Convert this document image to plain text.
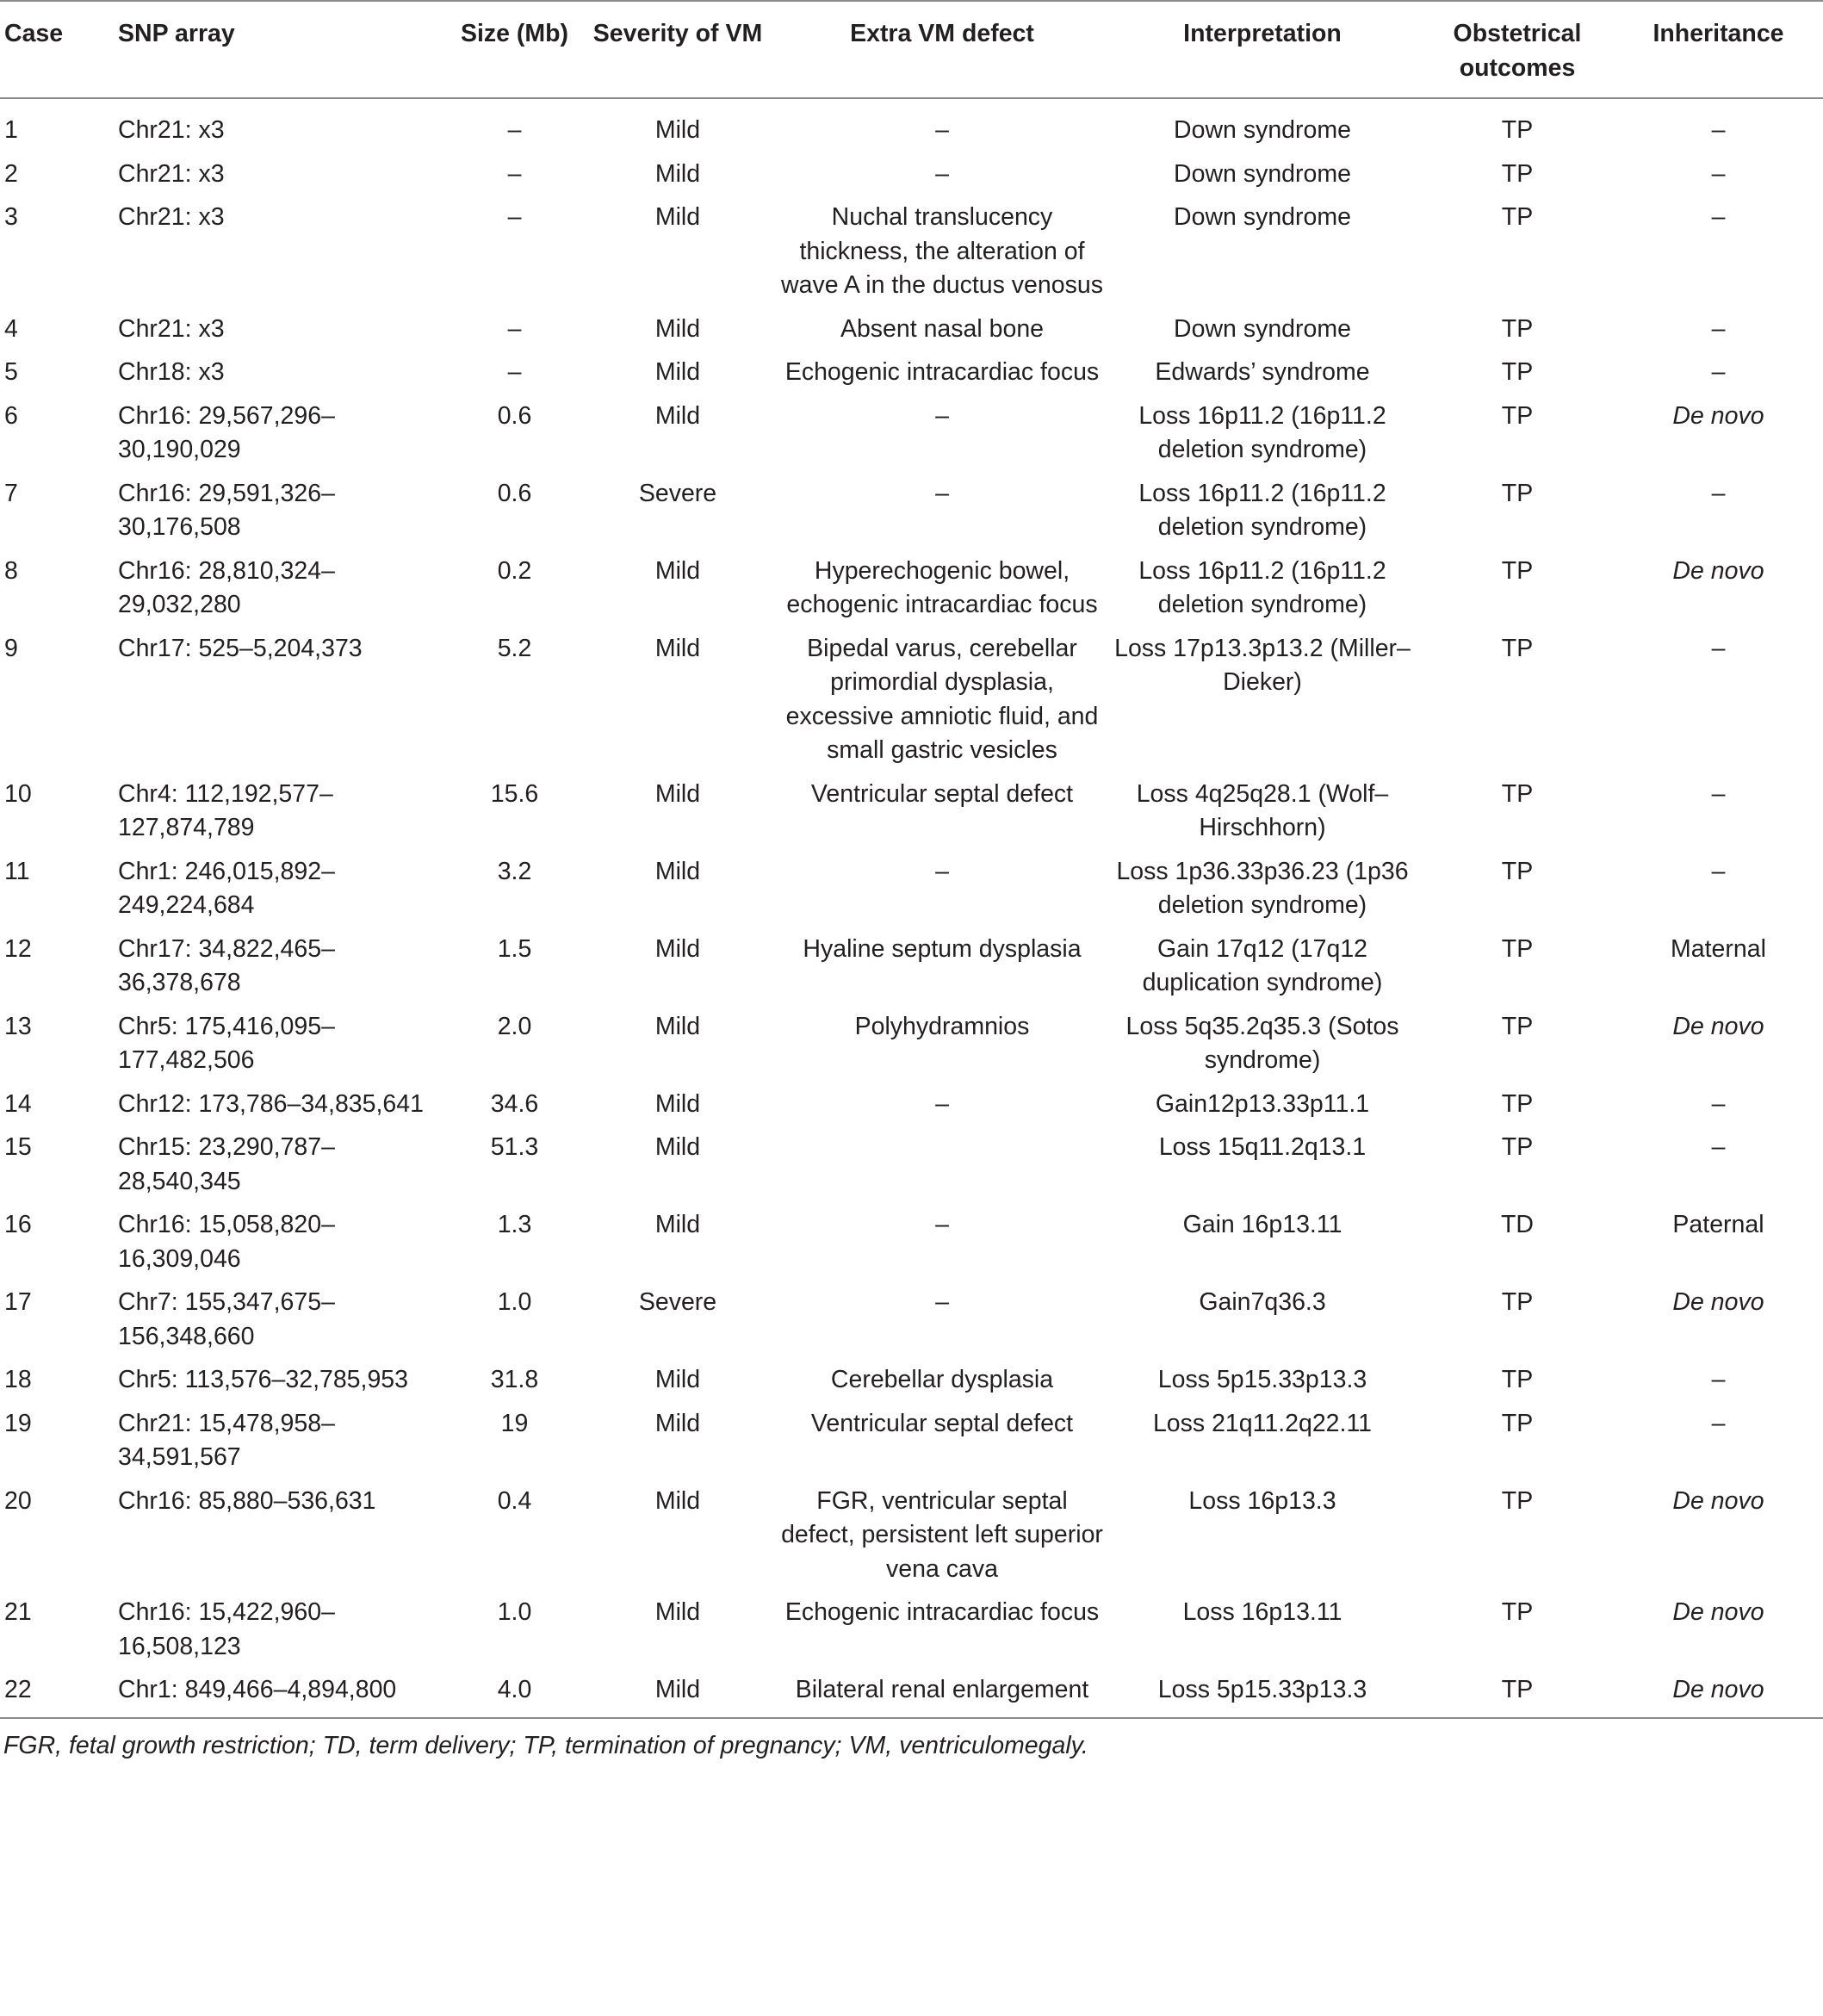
Case	SNP array	Size (Mb)	Severity of VM	Extra VM defect	Interpretation	Obstetrical outcomes	Inheritance
1	Chr21: x3	–	Mild	–	Down syndrome	TP	–
2	Chr21: x3	–	Mild	–	Down syndrome	TP	–
3	Chr21: x3	–	Mild	Nuchal translucency thickness, the alteration of wave A in the ductus venosus	Down syndrome	TP	–
4	Chr21: x3	–	Mild	Absent nasal bone	Down syndrome	TP	–
5	Chr18: x3	–	Mild	Echogenic intracardiac focus	Edwards’ syndrome	TP	–
6	Chr16: 29,567,296–30,190,029	0.6	Mild	–	Loss 16p11.2 (16p11.2 deletion syndrome)	TP	De novo
7	Chr16: 29,591,326–30,176,508	0.6	Severe	–	Loss 16p11.2 (16p11.2 deletion syndrome)	TP	–
8	Chr16: 28,810,324–29,032,280	0.2	Mild	Hyperechogenic bowel, echogenic intracardiac focus	Loss 16p11.2 (16p11.2 deletion syndrome)	TP	De novo
9	Chr17: 525–5,204,373	5.2	Mild	Bipedal varus, cerebellar primordial dysplasia, excessive amniotic fluid, and small gastric vesicles	Loss 17p13.3p13.2 (Miller–Dieker)	TP	–
10	Chr4: 112,192,577–127,874,789	15.6	Mild	Ventricular septal defect	Loss 4q25q28.1 (Wolf–Hirschhorn)	TP	–
11	Chr1: 246,015,892–249,224,684	3.2	Mild	–	Loss 1p36.33p36.23 (1p36 deletion syndrome)	TP	–
12	Chr17: 34,822,465–36,378,678	1.5	Mild	Hyaline septum dysplasia	Gain 17q12 (17q12 duplication syndrome)	TP	Maternal
13	Chr5: 175,416,095–177,482,506	2.0	Mild	Polyhydramnios	Loss 5q35.2q35.3 (Sotos syndrome)	TP	De novo
14	Chr12: 173,786–34,835,641	34.6	Mild	–	Gain12p13.33p11.1	TP	–
15	Chr15: 23,290,787–28,540,345	51.3	Mild		Loss 15q11.2q13.1	TP	–
16	Chr16: 15,058,820–16,309,046	1.3	Mild	–	Gain 16p13.11	TD	Paternal
17	Chr7: 155,347,675–156,348,660	1.0	Severe	–	Gain7q36.3	TP	De novo
18	Chr5: 113,576–32,785,953	31.8	Mild	Cerebellar dysplasia	Loss 5p15.33p13.3	TP	–
19	Chr21: 15,478,958–34,591,567	19	Mild	Ventricular septal defect	Loss 21q11.2q22.11	TP	–
20	Chr16: 85,880–536,631	0.4	Mild	FGR, ventricular septal defect, persistent left superior vena cava	Loss 16p13.3	TP	De novo
21	Chr16: 15,422,960–16,508,123	1.0	Mild	Echogenic intracardiac focus	Loss 16p13.11	TP	De novo
22	Chr1: 849,466–4,894,800	4.0	Mild	Bilateral renal enlargement	Loss 5p15.33p13.3	TP	De novo
FGR, fetal growth restriction; TD, term delivery; TP, termination of pregnancy; VM, ventriculomegaly.
